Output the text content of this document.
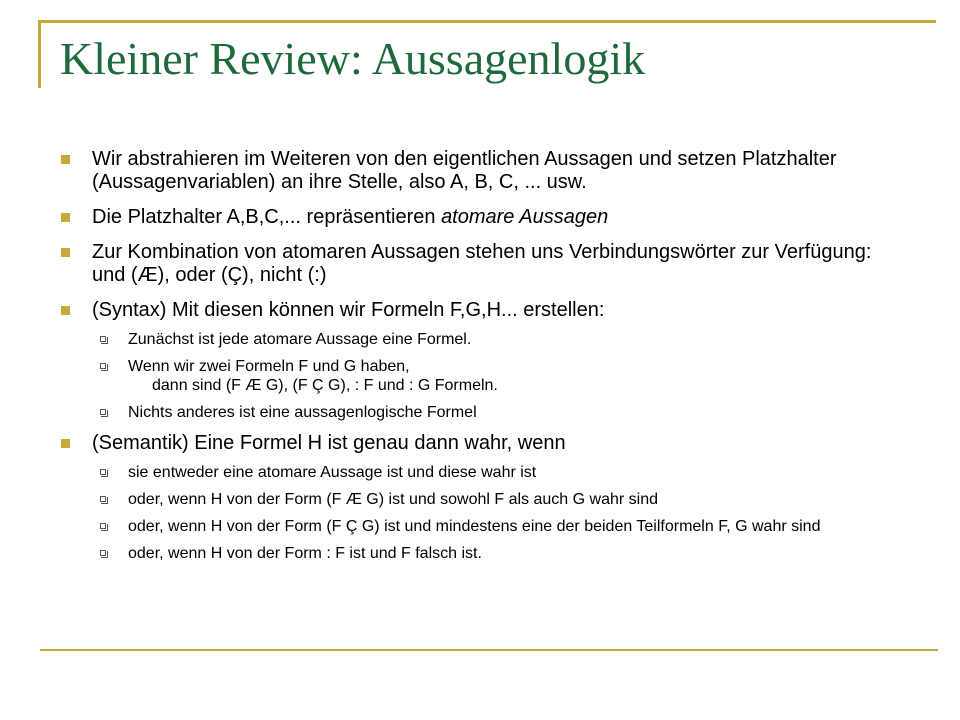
Kleiner Review: Aussagenlogik
Wir abstrahieren im Weiteren von den eigentlichen Aussagen und setzen Platzhalter (Aussagenvariablen) an ihre Stelle, also A, B, C, ... usw.
Die Platzhalter A,B,C,... repräsentieren atomare Aussagen
Zur Kombination von atomaren Aussagen stehen uns Verbindungswörter zur Verfügung: und (Æ), oder (Ç), nicht (:)
(Syntax) Mit diesen können wir Formeln F,G,H... erstellen:
Zunächst ist jede atomare Aussage eine Formel.
Wenn wir zwei Formeln F und G haben,
dann sind (F Æ G), (F Ç G), : F und : G Formeln.
Nichts anderes ist eine aussagenlogische Formel
(Semantik) Eine Formel H ist genau dann wahr, wenn
sie entweder eine atomare Aussage ist und diese wahr ist
oder, wenn H von der Form (F Æ G) ist und sowohl F als auch G wahr sind
oder, wenn H von der Form (F Ç G) ist und mindestens eine der beiden Teilformeln F, G wahr sind
oder, wenn H von der Form : F ist und F falsch ist.
